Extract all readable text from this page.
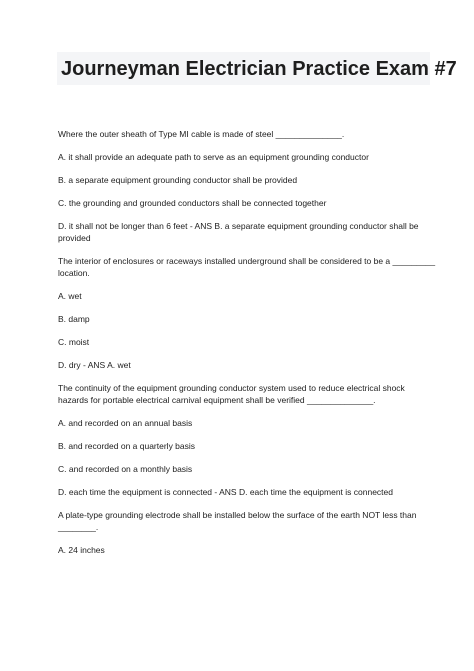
Journeyman Electrician Practice Exam #7

Where the outer sheath of Type MI cable is made of steel ______________.

A. it shall provide an adequate path to serve as an equipment grounding conductor

B. a separate equipment grounding conductor shall be provided

C. the grounding and grounded conductors shall be connected together

D. it shall not be longer than 6 feet - ANS B. a separate equipment grounding conductor shall be provided

The interior of enclosures or raceways installed underground shall be considered to be a _________ location.

A. wet

B. damp

C. moist

D. dry - ANS A. wet

The continuity of the equipment grounding conductor system used to reduce electrical shock hazards for portable electrical carnival equipment shall be verified ______________.

A. and recorded on an annual basis

B. and recorded on a quarterly basis

C. and recorded on a monthly basis

D. each time the equipment is connected - ANS D. each time the equipment is connected

A plate-type grounding electrode shall be installed below the surface of the earth NOT less than ________.

A. 24 inches
